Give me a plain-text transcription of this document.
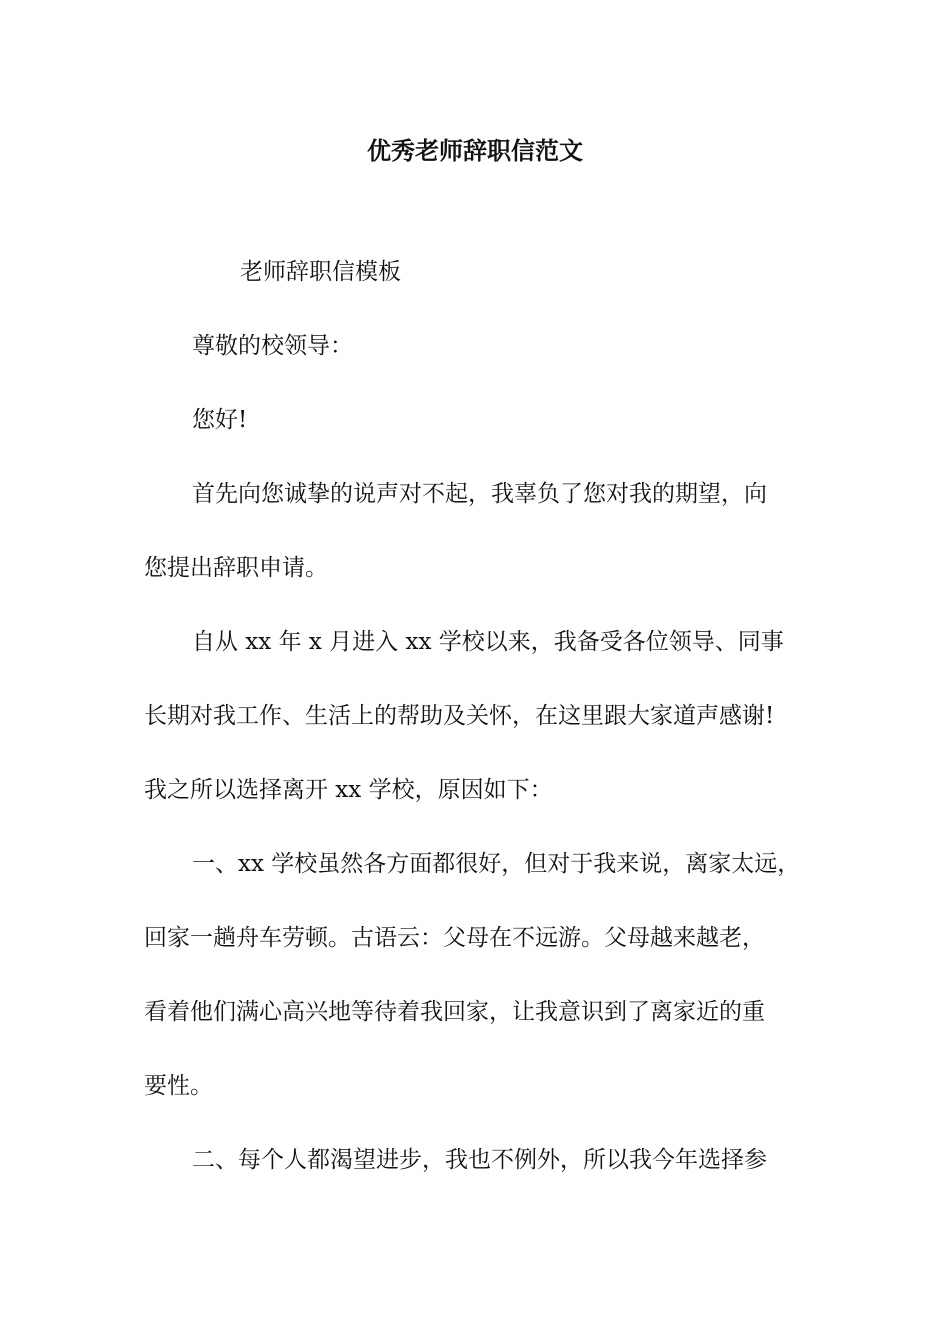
优秀老师辞职信范文

老师辞职信模板

尊敬的校领导：

您好!

首先向您诚挚的说声对不起，我辜负了您对我的期望，向
您提出辞职申请。

自从 xx 年 x 月进入 xx 学校以来，我备受各位领导、同事
长期对我工作、生活上的帮助及关怀，在这里跟大家道声感谢!
我之所以选择离开 xx 学校，原因如下：

一、xx 学校虽然各方面都很好，但对于我来说，离家太远，
回家一趟舟车劳顿。古语云：父母在不远游。父母越来越老，
看着他们满心高兴地等待着我回家，让我意识到了离家近的重
要性。

二、每个人都渴望进步，我也不例外，所以我今年选择参
